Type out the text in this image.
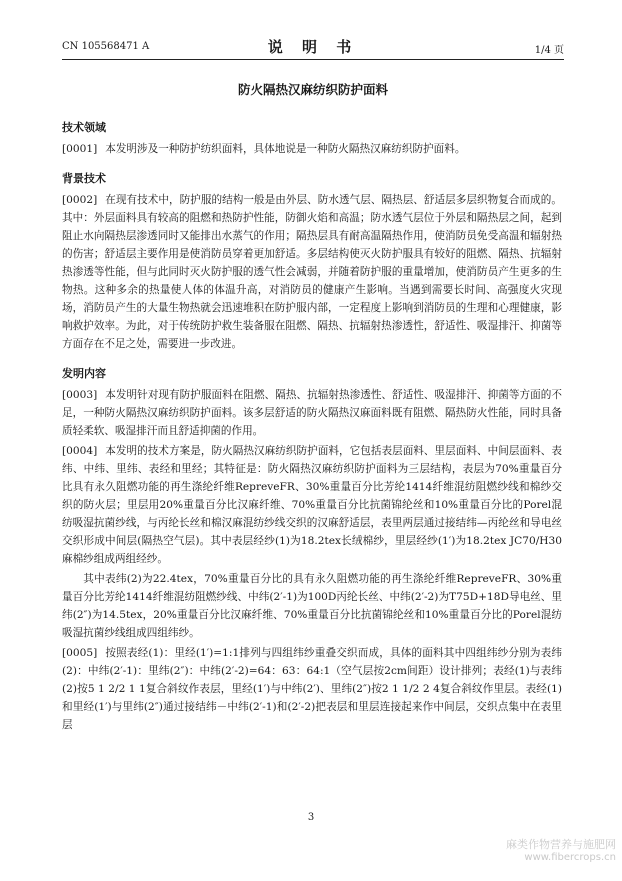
CN 105568471 A	说 明 书	1/4 页
防火隔热汉麻纺织防护面料
技术领域

[0001] 本发明涉及一种防护纺织面料，具体地说是一种防火隔热汉麻纺织防护面料。

背景技术

[0002] 在现有技术中，防护服的结构一般是由外层、防水透气层、隔热层、舒适层多层织物复合而成的。其中：外层面料具有较高的阻燃和热防护性能，防御火焰和高温；防水透气层位于外层和隔热层之间，起到阻止水向隔热层渗透同时又能排出水蒸气的作用；隔热层具有耐高温隔热作用，使消防员免受高温和辐射热的伤害；舒适层主要作用是使消防员穿着更加舒适。多层结构使灭火防护服具有较好的阻燃、隔热、抗辐射热渗透等性能，但与此同时灭火防护服的透气性会减弱，并随着防护服的重量增加，使消防员产生更多的生物热。这种多余的热量使人体的体温升高，对消防员的健康产生影响。当遇到需要长时间、高强度火灾现场，消防员产生的大量生物热就会迅速堆积在防护服内部，一定程度上影响到消防员的生理和心理健康，影响救护效率。为此，对于传统防护救生装备服在阻燃、隔热、抗辐射热渗透性，舒适性、吸湿排汗、抑菌等方面存在不足之处，需要进一步改进。

发明内容

[0003] 本发明针对现有防护服面料在阻燃、隔热、抗辐射热渗透性、舒适性、吸湿排汗、抑菌等方面的不足，一种防火隔热汉麻纺织防护面料。该多层舒适的防火隔热汉麻面料既有阻燃、隔热防火性能，同时具备质轻柔软、吸湿排汗而且舒适抑菌的作用。

[0004] 本发明的技术方案是，防火隔热汉麻纺织防护面料，它包括表层面料、里层面料、中间层面料、表纬、中纬、里纬、表经和里经；其特征是：防火隔热汉麻纺织防护面料为三层结构，表层为70%重量百分比具有永久阻燃功能的再生涤纶纤维RepreveFR、30%重量百分比芳纶1414纤维混纺阻燃纱线和棉纱交织的防火层；里层用20%重量百分比汉麻纤维、70%重量百分比抗菌锦纶丝和10%重量百分比的Porel混纺吸湿抗菌纱线，与丙纶长丝和棉汉麻混纺纱线交织的汉麻舒适层，表里两层通过接结纬—丙纶丝和导电丝交织形成中间层(隔热空气层)。其中表层经纱(1)为18.2tex长绒棉纱，里层经纱(1′)为18.2tex JC70/H30麻棉纱组成两组经纱。

其中表纬(2)为22.4tex，70%重量百分比的具有永久阻燃功能的再生涤纶纤维RepreveFR、30%重量百分比芳纶1414纤维混纺阻燃纱线、中纬(2′-1)为100D丙纶长丝、中纬(2′-2)为T75D+18D导电丝、里纬(2″)为14.5tex，20%重量百分比汉麻纤维、70%重量百分比抗菌锦纶丝和10%重量百分比的Porel混纺吸湿抗菌纱线组成四组纬纱。

[0005] 按照表经(1)：里经(1′)=1:1排列与四组纬纱重叠交织而成，具体的面料其中四组纬纱分别为表纬(2)：中纬(2′-1)：里纬(2″)：中纬(2′-2)=64：63：64:1（空气层按2cm间距）设计排列；表经(1)与表纬(2)按5 1 2/2 1 1复合斜纹作表层，里经(1′)与中纬(2′)、里纬(2″)按2 1 1/2 2 4复合斜纹作里层。表经(1)和里经(1′)与里纬(2″)通过接结纬－中纬(2′-1)和(2′-2)把表层和里层连接起来作中间层，交织点集中在表里层

3
麻类作物营养与施肥网
www.fibercrops.cn
